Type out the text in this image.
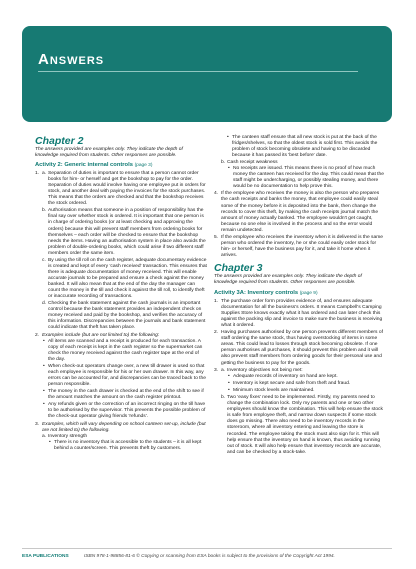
Answers
Chapter 2

The answers provided are examples only. They indicate the depth of knowledge required from students. Other responses are possible.

Activity 2: Generic internal controls (page 3)
1. a. Separation of duties is important to ensure that a person cannot order books for him- or herself and get the bookshop to pay for the order. Separation of duties would involve having one employee put in orders for stock, and another deal with paying the invoices for the stock purchases. This means that the orders are checked and that the bookshop receives the stock ordered.
b. Authorisation means that someone in a position of responsibility has the final say over whether stock is ordered. It is important that one person is in charge of ordering books (or at least checking and approving the orders) because this will prevent staff members from ordering books for themselves – each order will be checked to ensure that the bookshop needs the items. Having an authorisation system in place also avoids the problem of double-ordering books, which could arise if two different staff members order the same item.
c. By using the till roll on the cash register, adequate documentary evidence is created and kept of every 'cash received' transaction. This ensures that there is adequate documentation of money received. This will enable accurate journals to be prepared and ensure a check against the money banked. It will also mean that at the end of the day the manager can count the money in the till and check it against the till roll, to identify theft or inaccurate recording of transactions.
d. Checking the bank statement against the cash journals is an important control because the bank statement provides an independent check on money received and paid by the bookshop, and verifies the accuracy of this information. Discrepancies between the journals and bank statement could indicate that theft has taken place.
2. Examples include (but are not limited to) the following:
• All items are scanned and a receipt is produced for each transaction. A copy of each receipt is kept in the cash register so the supermarket can check the money received against the cash register tape at the end of the day.
• When check-out operators change over, a new till drawer is used so that each employee is responsible for his or her own drawer. In this way, any errors can be accounted for, and discrepancies can be traced back to the person responsible.
• The money in the cash drawer is checked at the end of the shift to see if the amount matches the amount on the cash register printout.
• Any refunds given or the correction of an incorrect ringing on the till have to be authorised by the supervisor. This prevents the possible problem of the check-out operator giving friends 'refunds'.
3. Examples, which will vary depending on school canteen set-up, include (but are not limited to) the following.
a. Inventory strength
• There is no inventory that is accessible to the students – it is all kept behind a counter/screen. This prevents theft by customers.
• The canteen staff ensure that all new stock is put at the back of the fridges/shelves, so that the oldest stock is sold first. This avoids the problem of stock becoming obsolete and having to be discarded because it has passed its 'best before' date.
b. Cash receipt weakness
• No receipts are issued. This means there is no proof of how much money the canteen has received for the day. This could mean that the staff might be undercharging, or possibly stealing money, and there would be no documentation to help prove this.
4. If the employee who receives the money is also the person who prepares the cash receipts and banks the money, that employee could easily steal some of the money before it is deposited into the bank, then change the records to cover this theft, by making the cash receipts journal match the amount of money actually banked. The employee wouldn't get caught, because no one else is involved in the process and so the error would remain undetected.
5. If the employee who receives the inventory when it is delivered is the same person who ordered the inventory, he or she could easily order stock for him- or herself, have the business pay for it, and take it home when it arrives.
Chapter 3

The answers provided are examples only. They indicate the depth of knowledge required from students. Other responses are possible.

Activity 3A: Inventory controls (page 9)
1. The purchase order form provides evidence of, and ensures adequate documentation for all the business's orders. It means Campbell's Camping Supplies Store knows exactly what it has ordered and can later check this against the packing slip and invoice to make sure the business is receiving what it ordered.
2. Having purchases authorised by one person prevents different members of staff ordering the same stock, thus having overstocking of items in some areas. This could lead to losses through stock becoming obsolete. If one person authorises all purchases, it should prevent this problem and it will also prevent staff members from ordering goods for their personal use and getting the business to pay for the goods.
3. a. Inventory objectives not being met:
• Adequate records of inventory on hand are kept.
• Inventory is kept secure and safe from theft and fraud.
• Minimum stock levels are maintained.
b. Two 'easy fixes' need to be implemented. Firstly, my parents need to change the combination lock. Only my parents and one or two other employees should know the combination. This will help ensure the stock is safe from employee theft, and narrow down suspects if some stock does go missing. There also need to be inventory records in the storeroom, where all inventory entering and leaving the store is recorded. The employee taking the stock must also sign for it. This will help ensure that the inventory on hand is known, thus avoiding running out of stock. It will also help ensure that inventory records are accurate, and can be checked by a stock-take.
ESA PUBLICATIONS	ISBN 978-1-98856-81-6 © Copying or scanning from ESA books is subject to the provisions of the Copyright Act 1994.
